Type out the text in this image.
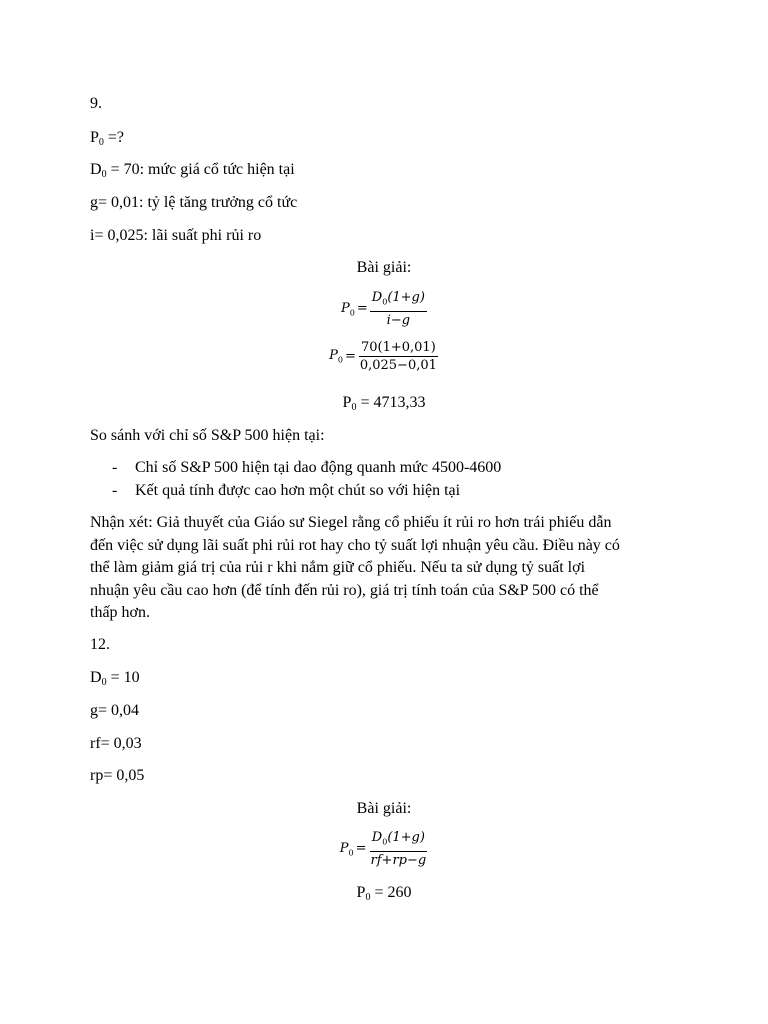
9.
P0 =?
D0 = 70: mức giá cổ tức hiện tại
g= 0,01: tỷ lệ tăng trưởng cổ tức
i= 0,025: lãi suất phi rủi ro
Bài giải:
$P_0 = \frac{D_0(1+g)}{i-g}$
$P_0 = \frac{70(1+0,01)}{0,025-0,01}$
P0 = 4713,33
So sánh với chỉ số S&P 500 hiện tại:
- Chỉ số S&P 500 hiện tại dao động quanh mức 4500-4600
- Kết quả tính được cao hơn một chút so với hiện tại
Nhận xét: Giả thuyết của Giáo sư Siegel rằng cổ phiếu ít rủi ro hơn trái phiếu dẫn
đến việc sử dụng lãi suất phi rủi rot hay cho tỷ suất lợi nhuận yêu cầu. Điều này có
thể làm giảm giá trị của rủi r khi nắm giữ cổ phiếu. Nếu ta sử dụng tỷ suất lợi
nhuận yêu cầu cao hơn (để tính đến rủi ro), giá trị tính toán của S&P 500 có thể
thấp hơn.
12.
D0 = 10
g= 0,04
rf= 0,03
rp= 0,05
Bài giải:
$P_0 = \frac{D_0(1+g)}{rf+rp-g}$
P0 = 260
